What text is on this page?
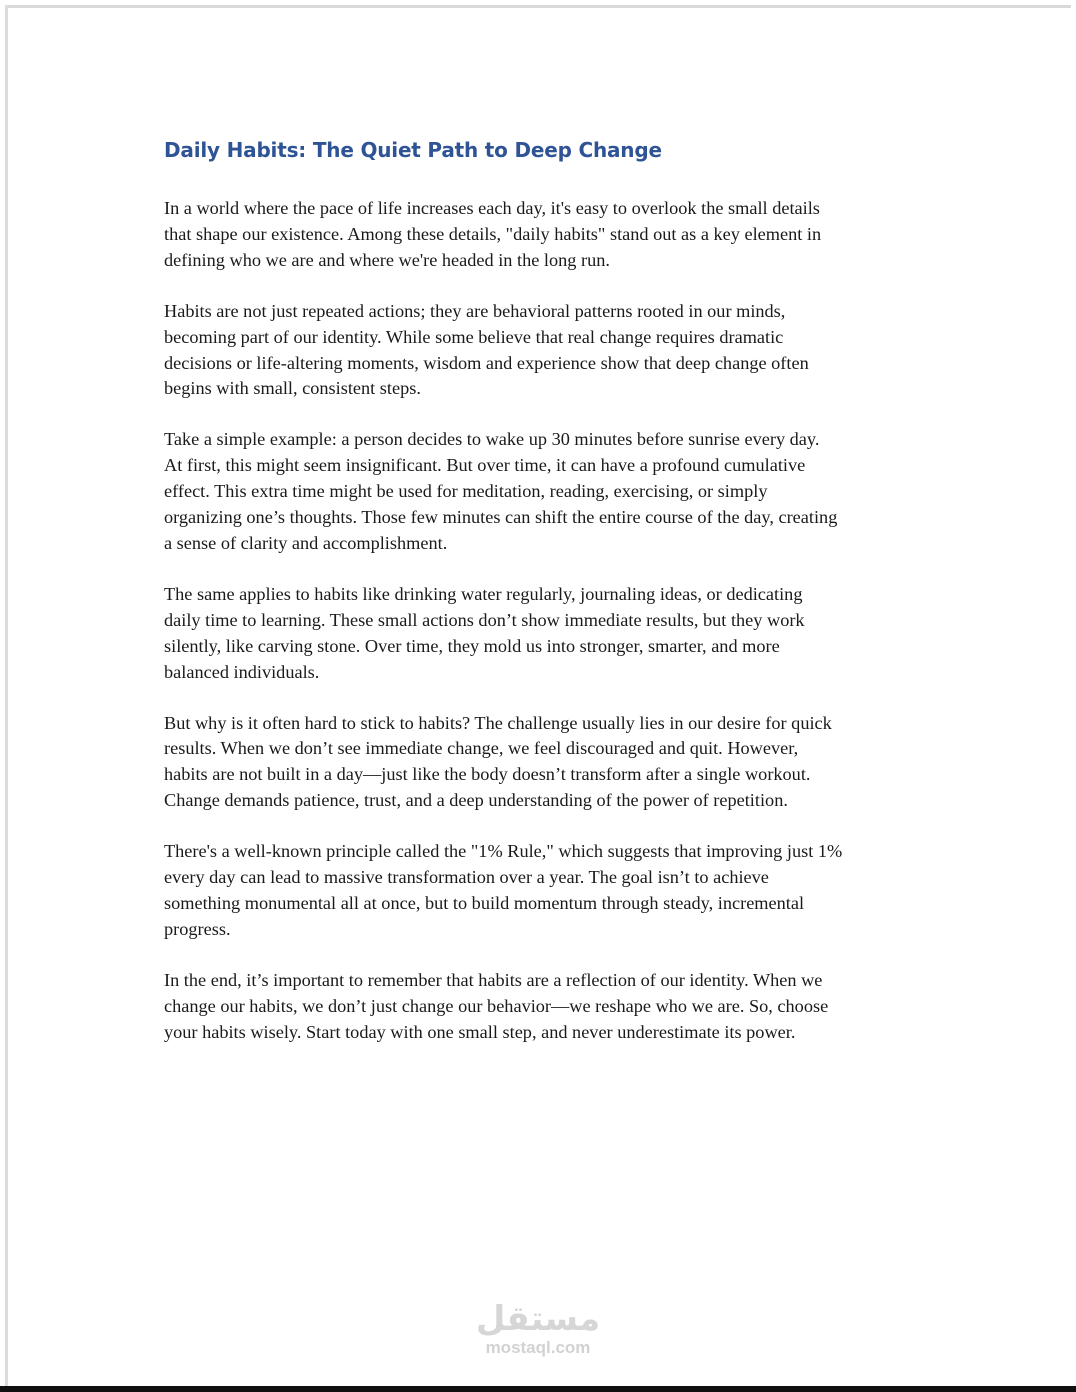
Daily Habits: The Quiet Path to Deep Change

In a world where the pace of life increases each day, it's easy to overlook the small details
that shape our existence. Among these details, "daily habits" stand out as a key element in
defining who we are and where we're headed in the long run.

Habits are not just repeated actions; they are behavioral patterns rooted in our minds,
becoming part of our identity. While some believe that real change requires dramatic
decisions or life-altering moments, wisdom and experience show that deep change often
begins with small, consistent steps.

Take a simple example: a person decides to wake up 30 minutes before sunrise every day.
At first, this might seem insignificant. But over time, it can have a profound cumulative
effect. This extra time might be used for meditation, reading, exercising, or simply
organizing one’s thoughts. Those few minutes can shift the entire course of the day, creating
a sense of clarity and accomplishment.

The same applies to habits like drinking water regularly, journaling ideas, or dedicating
daily time to learning. These small actions don’t show immediate results, but they work
silently, like carving stone. Over time, they mold us into stronger, smarter, and more
balanced individuals.

But why is it often hard to stick to habits? The challenge usually lies in our desire for quick
results. When we don’t see immediate change, we feel discouraged and quit. However,
habits are not built in a day—just like the body doesn’t transform after a single workout.
Change demands patience, trust, and a deep understanding of the power of repetition.

There's a well-known principle called the "1% Rule," which suggests that improving just 1%
every day can lead to massive transformation over a year. The goal isn’t to achieve
something monumental all at once, but to build momentum through steady, incremental
progress.

In the end, it’s important to remember that habits are a reflection of our identity. When we
change our habits, we don’t just change our behavior—we reshape who we are. So, choose
your habits wisely. Start today with one small step, and never underestimate its power.

مستقل
mostaql.com
